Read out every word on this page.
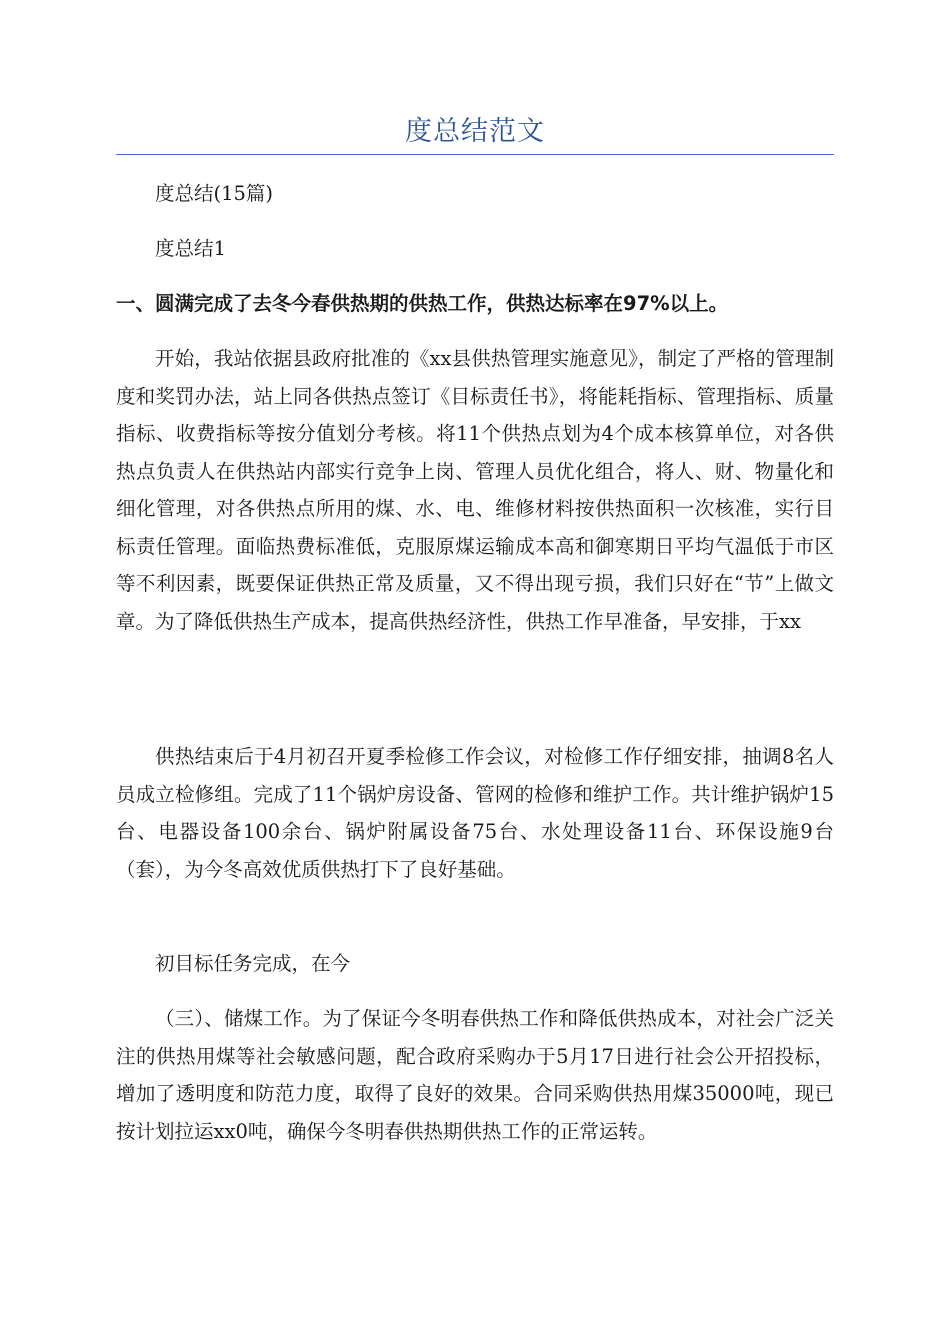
度总结范文

度总结(15篇)

度总结1

一、圆满完成了去冬今春供热期的供热工作，供热达标率在97%以上。

开始，我站依据县政府批准的《xx县供热管理实施意见》，制定了严格的管理制度和奖罚办法，站上同各供热点签订《目标责任书》，将能耗指标、管理指标、质量指标、收费指标等按分值划分考核。将11个供热点划为4个成本核算单位，对各供热点负责人在供热站内部实行竞争上岗、管理人员优化组合，将人、财、物量化和细化管理，对各供热点所用的煤、水、电、维修材料按供热面积一次核准，实行目标责任管理。面临热费标准低，克服原煤运输成本高和御寒期日平均气温低于市区等不利因素，既要保证供热正常及质量，又不得出现亏损，我们只好在“节”上做文章。为了降低供热生产成本，提高供热经济性，供热工作早准备，早安排，于xx

供热结束后于4月初召开夏季检修工作会议，对检修工作仔细安排，抽调8名人员成立检修组。完成了11个锅炉房设备、管网的检修和维护工作。共计维护锅炉15台、电器设备100余台、锅炉附属设备75台、水处理设备11台、环保设施9台（套），为今冬高效优质供热打下了良好基础。

初目标任务完成，在今

（三）、储煤工作。为了保证今冬明春供热工作和降低供热成本，对社会广泛关注的供热用煤等社会敏感问题，配合政府采购办于5月17日进行社会公开招投标，增加了透明度和防范力度，取得了良好的效果。合同采购供热用煤35000吨，现已按计划拉运xx0吨，确保今冬明春供热期供热工作的正常运转。
